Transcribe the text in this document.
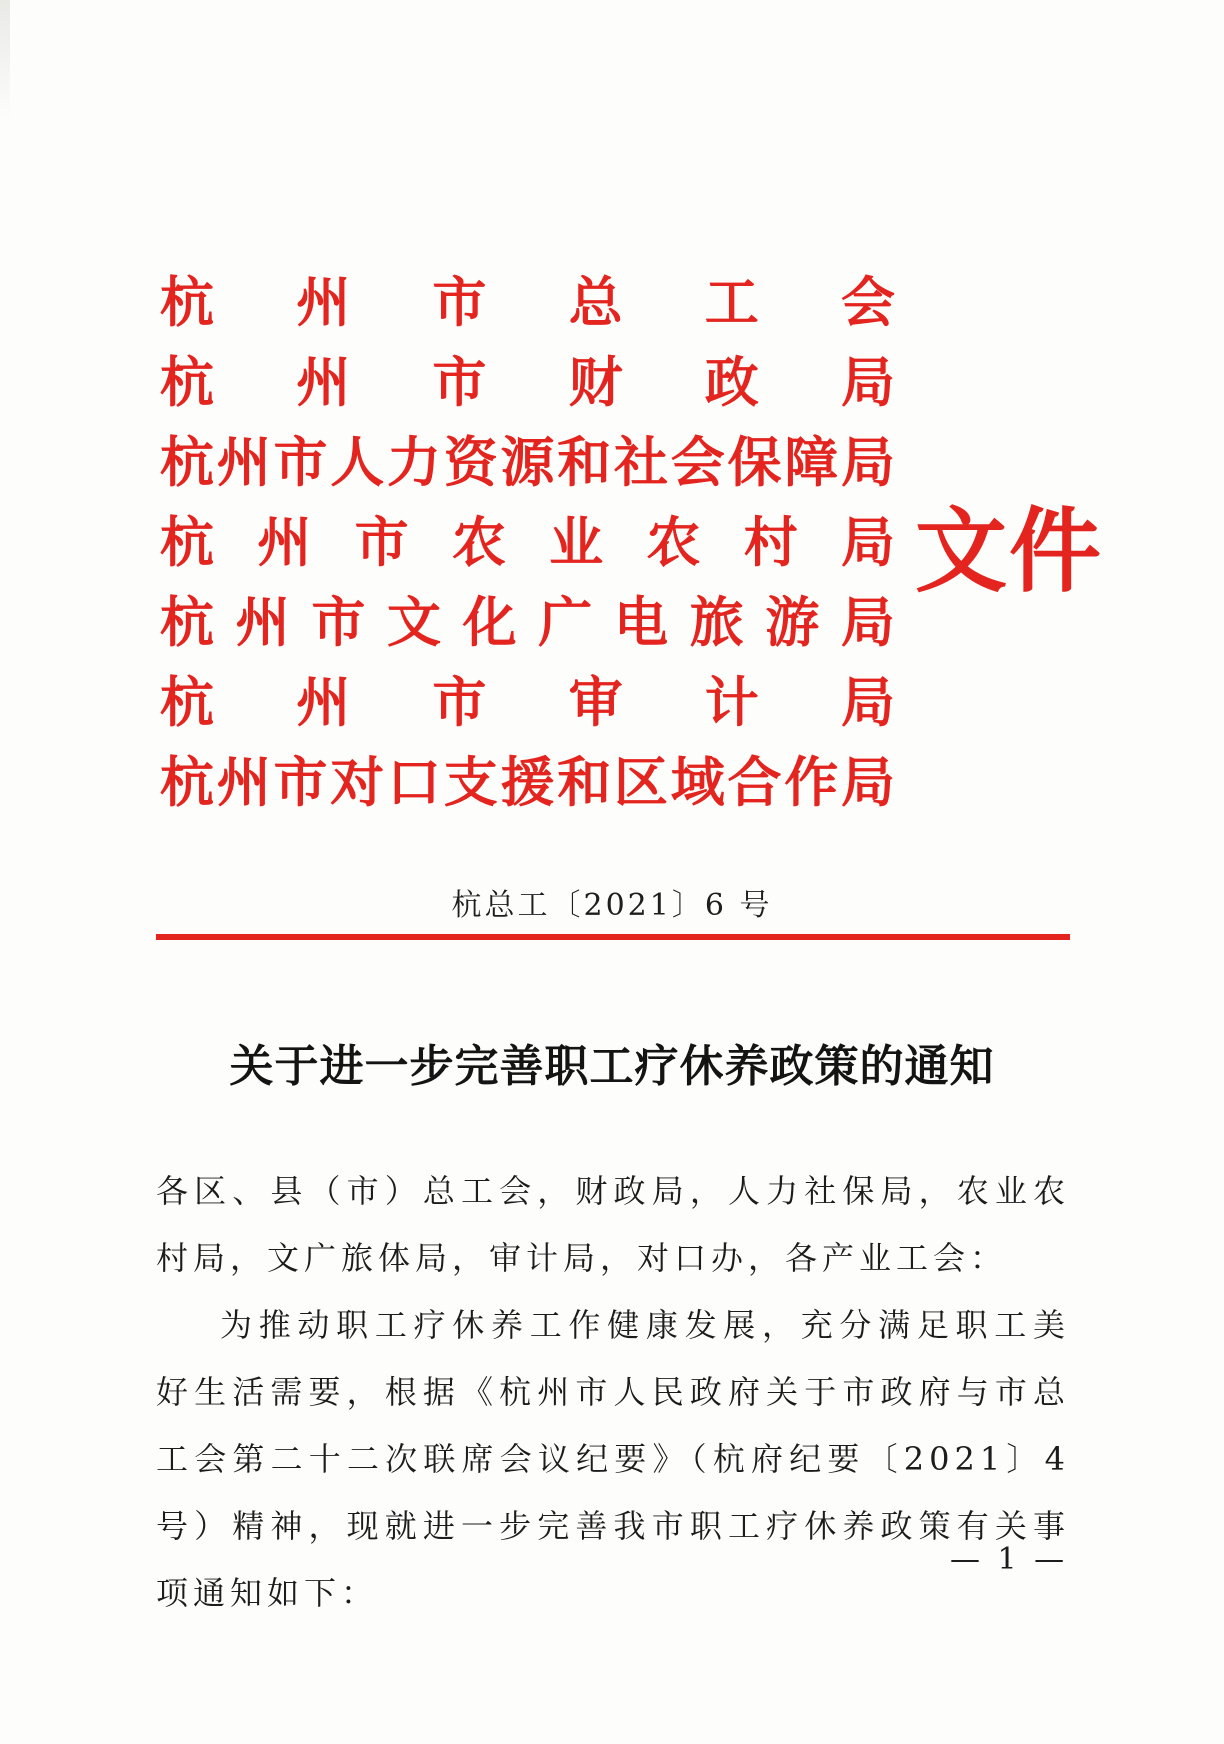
杭 州 市 总 工 会
杭 州 市 财 政 局
杭 州 市 人 力 资 源 和 社 会 保 障 局
杭 州 市 农 业 农 村 局
杭 州 市 文 化 广 电 旅 游 局
杭 州 市 审 计 局
杭 州 市 对 口 支 援 和 区 域 合 作 局
文件
杭总工〔2021〕6 号
关于进一步完善职工疗休养政策的通知

各区、县（市）总工会，财政局，人力社保局，农业农村局，文广旅体局，审计局，对口办，各产业工会：

为推动职工疗休养工作健康发展，充分满足职工美好生活需要，根据《杭州市人民政府关于市政府与市总工会第二十二次联席会议纪要》（杭府纪要〔2021〕4 号）精神，现就进一步完善我市职工疗休养政策有关事项通知如下：

— 1 —
